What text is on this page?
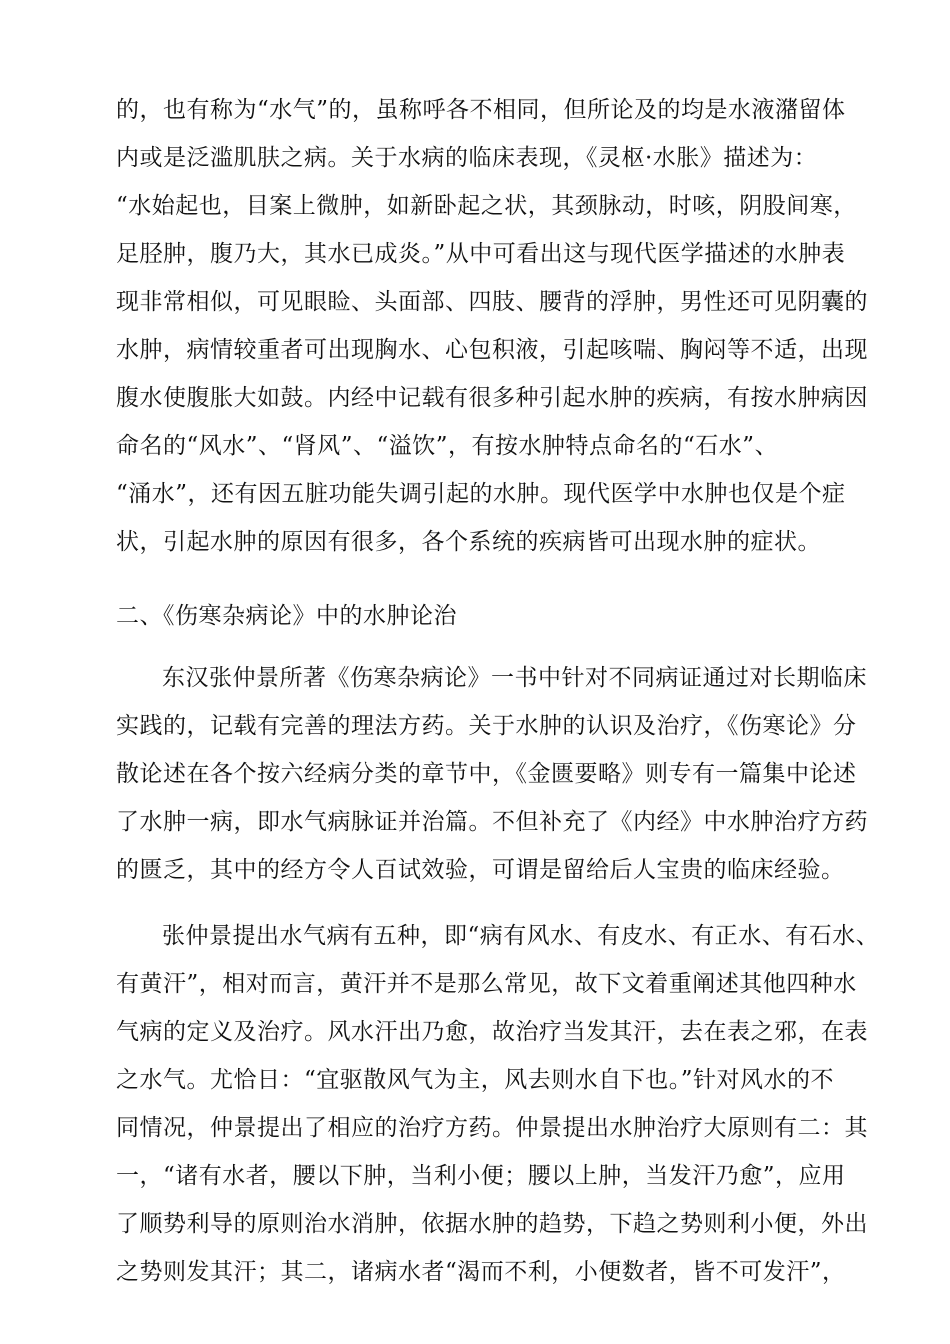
的，也有称为“水气”的，虽称呼各不相同，但所论及的均是水液潴留体
内或是泛滥肌肤之病。关于水病的临床表现，《灵枢·水胀》描述为：
“水始起也，目案上微肿，如新卧起之状，其颈脉动，时咳，阴股间寒，
足胫肿，腹乃大，其水已成炎。”从中可看出这与现代医学描述的水肿表
现非常相似，可见眼睑、头面部、四肢、腰背的浮肿，男性还可见阴囊的
水肿，病情较重者可出现胸水、心包积液，引起咳喘、胸闷等不适，出现
腹水使腹胀大如鼓。内经中记载有很多种引起水肿的疾病，有按水肿病因
命名的“风水”、“肾风”、“溢饮”，有按水肿特点命名的“石水”、
“涌水”，还有因五脏功能失调引起的水肿。现代医学中水肿也仅是个症
状，引起水肿的原因有很多，各个系统的疾病皆可出现水肿的症状。
二、《伤寒杂病论》中的水肿论治
东汉张仲景所著《伤寒杂病论》一书中针对不同病证通过对长期临床
实践的，记载有完善的理法方药。关于水肿的认识及治疗，《伤寒论》分
散论述在各个按六经病分类的章节中，《金匮要略》则专有一篇集中论述
了水肿一病，即水气病脉证并治篇。不但补充了《内经》中水肿治疗方药
的匮乏，其中的经方令人百试效验，可谓是留给后人宝贵的临床经验。
张仲景提出水气病有五种，即“病有风水、有皮水、有正水、有石水、
有黄汗”，相对而言，黄汗并不是那么常见，故下文着重阐述其他四种水
气病的定义及治疗。风水汗出乃愈，故治疗当发其汗，去在表之邪，在表
之水气。尤恰日：“宜驱散风气为主，风去则水自下也。”针对风水的不
同情况，仲景提出了相应的治疗方药。仲景提出水肿治疗大原则有二：其
一，“诸有水者，腰以下肿，当利小便；腰以上肿，当发汗乃愈”，应用
了顺势利导的原则治水消肿，依据水肿的趋势，下趋之势则利小便，外出
之势则发其汗；其二，诸病水者“渴而不利，小便数者，皆不可发汗”，
